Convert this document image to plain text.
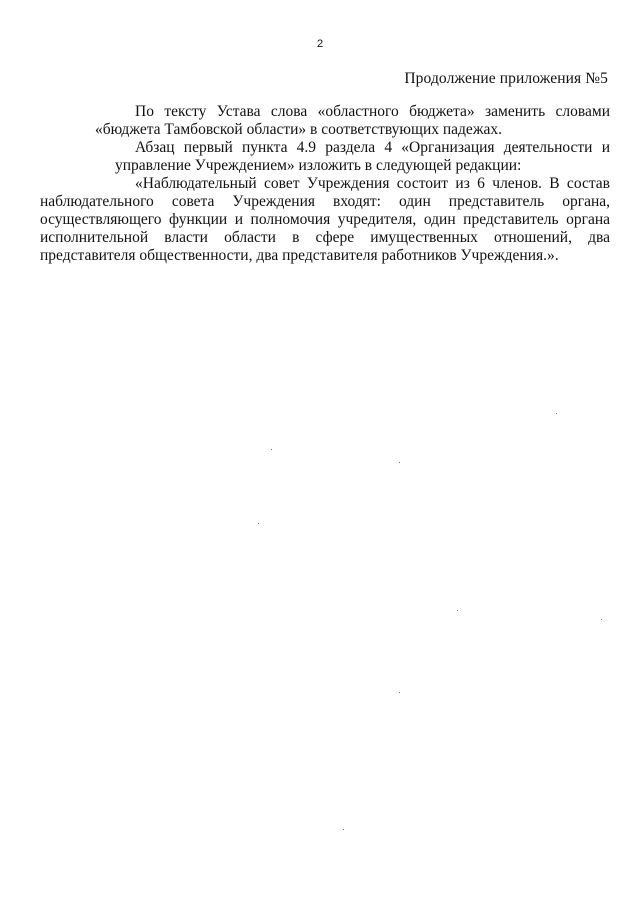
2
Продолжение приложения №5

По тексту Устава слова «областного бюджета» заменить словами «бюджета Тамбовской области» в соответствующих падежах.

Абзац первый пункта 4.9 раздела 4 «Организация деятельности и управление Учреждением» изложить в следующей редакции:

«Наблюдательный совет Учреждения состоит из 6 членов. В состав наблюдательного совета Учреждения входят: один представитель органа, осуществляющего функции и полномочия учредителя, один представитель органа исполнительной власти области в сфере имущественных отношений, два представителя общественности, два представителя работников Учреждения.».
